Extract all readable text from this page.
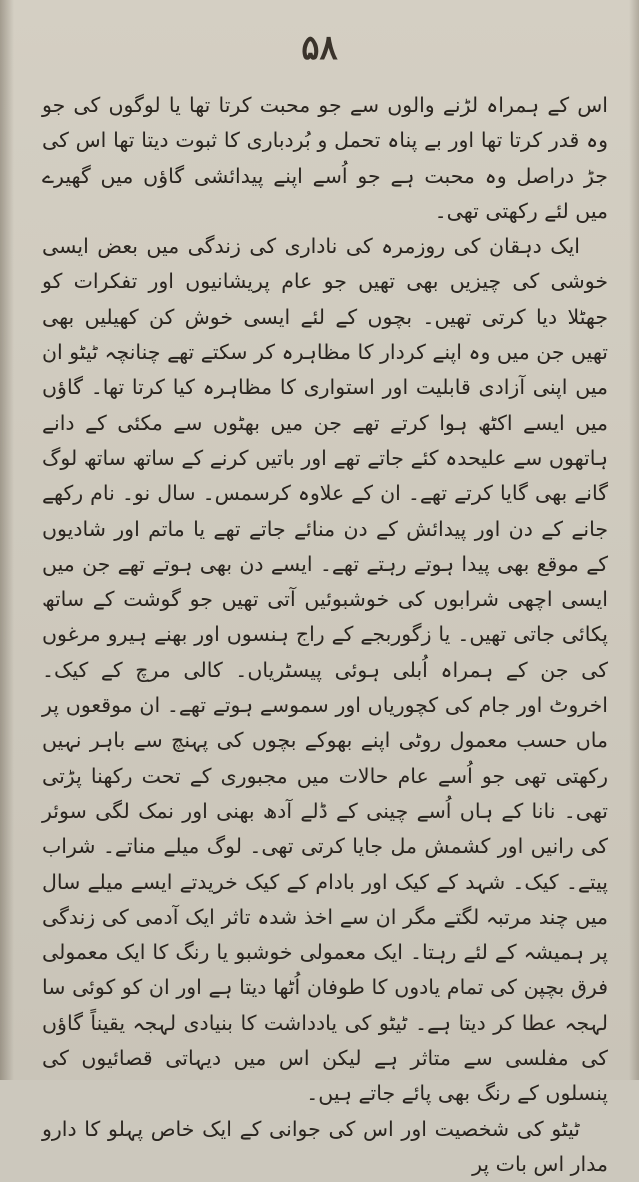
۵۸

اس کے ہمراہ لڑنے والوں سے جو محبت کرتا تھا یا لوگوں کی جو وہ قدر کرتا تھا اور بے پناہ تحمل و بُردباری کا ثبوت دیتا تھا اس کی جڑ دراصل وہ محبت ہے جو اُسے اپنے پیدائشی گاؤں میں گھیرے میں لئے رکھتی تھی۔

ایک دہقان کی روزمرہ کی ناداری کی زندگی میں بعض ایسی خوشی کی چیزیں بھی تھیں جو عام پریشانیوں اور تفکرات کو جھٹلا دیا کرتی تھیں۔ بچوں کے لئے ایسی خوش کن کھیلیں بھی تھیں جن میں وہ اپنے کردار کا مظاہرہ کر سکتے تھے چنانچہ ٹیٹو ان میں اپنی آزادی قابلیت اور استواری کا مظاہرہ کیا کرتا تھا۔ گاؤں میں ایسے اکٹھ ہوا کرتے تھے جن میں بھٹوں سے مکئی کے دانے ہاتھوں سے علیحدہ کئے جاتے تھے اور باتیں کرنے کے ساتھ ساتھ لوگ گانے بھی گایا کرتے تھے۔ ان کے علاوہ کرسمس۔ سال نو۔ نام رکھے جانے کے دن اور پیدائش کے دن منائے جاتے تھے یا ماتم اور شادیوں کے موقع بھی پیدا ہوتے رہتے تھے۔ ایسے دن بھی ہوتے تھے جن میں ایسی اچھی شرابوں کی خوشبوئیں آتی تھیں جو گوشت کے ساتھ پکائی جاتی تھیں۔ یا زگوربجے کے راج ہنسوں اور بھنے ہیرو مرغوں کی جن کے ہمراہ اُبلی ہوئی پیسٹریاں۔ کالی مرچ کے کیک۔ اخروٹ اور جام کی کچوریاں اور سموسے ہوتے تھے۔ ان موقعوں پر ماں حسب معمول روٹی اپنے بھوکے بچوں کی پہنچ سے باہر نہیں رکھتی تھی جو اُسے عام حالات میں مجبوری کے تحت رکھنا پڑتی تھی۔ نانا کے ہاں اُسے چینی کے ڈلے آدھ بھنی اور نمک لگی سوئر کی رانیں اور کشمش مل جایا کرتی تھی۔ لوگ میلے مناتے۔ شراب پیتے۔ کیک۔ شہد کے کیک اور بادام کے کیک خریدتے ایسے میلے سال میں چند مرتبہ لگتے مگر ان سے اخذ شدہ تاثر ایک آدمی کی زندگی پر ہمیشہ کے لئے رہتا۔ ایک معمولی خوشبو یا رنگ کا ایک معمولی فرق بچپن کی تمام یادوں کا طوفان اُٹھا دیتا ہے اور ان کو کوئی سا لہجہ عطا کر دیتا ہے۔ ٹیٹو کی یادداشت کا بنیادی لہجہ یقیناً گاؤں کی مفلسی سے متاثر ہے لیکن اس میں دیہاتی قصائیوں کی پنسلوں کے رنگ بھی پائے جاتے ہیں۔

ٹیٹو کی شخصیت اور اس کی جوانی کے ایک خاص پہلو کا دارو مدار اس بات پر
